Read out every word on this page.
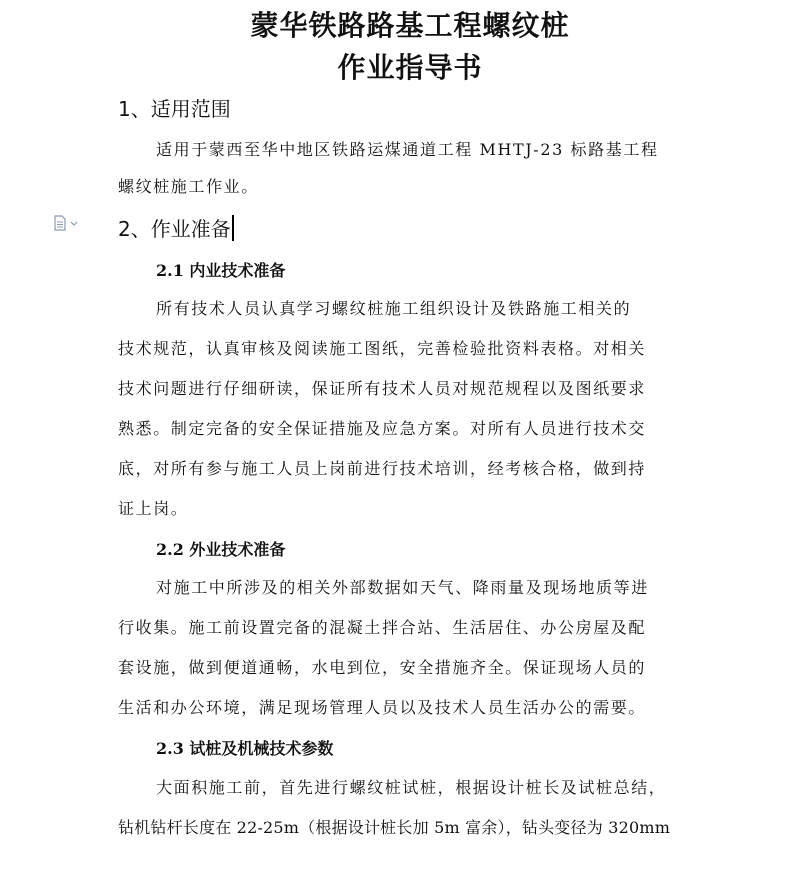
蒙华铁路路基工程螺纹桩
作业指导书
1、适用范围
适用于蒙西至华中地区铁路运煤通道工程 MHTJ-23 标路基工程
螺纹桩施工作业。
2、作业准备
2.1 内业技术准备
所有技术人员认真学习螺纹桩施工组织设计及铁路施工相关的
技术规范，认真审核及阅读施工图纸，完善检验批资料表格。对相关
技术问题进行仔细研读，保证所有技术人员对规范规程以及图纸要求
熟悉。制定完备的安全保证措施及应急方案。对所有人员进行技术交
底，对所有参与施工人员上岗前进行技术培训，经考核合格，做到持
证上岗。
2.2 外业技术准备
对施工中所涉及的相关外部数据如天气、降雨量及现场地质等进
行收集。施工前设置完备的混凝土拌合站、生活居住、办公房屋及配
套设施，做到便道通畅，水电到位，安全措施齐全。保证现场人员的
生活和办公环境，满足现场管理人员以及技术人员生活办公的需要。
2.3 试桩及机械技术参数
大面积施工前，首先进行螺纹桩试桩，根据设计桩长及试桩总结，
钻机钻杆长度在 22-25m（根据设计桩长加 5m 富余），钻头变径为 320mm
